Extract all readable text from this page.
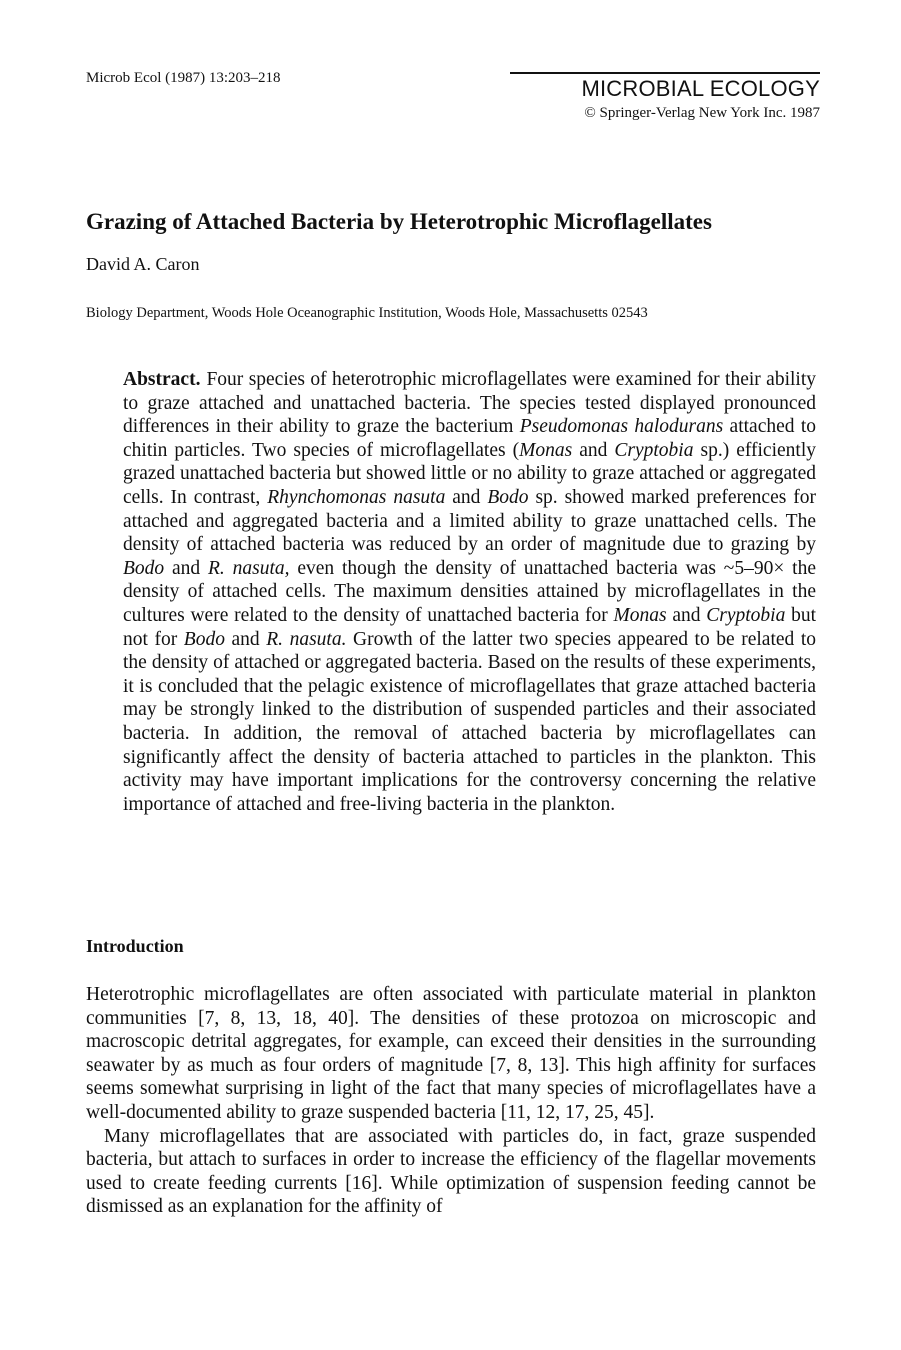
Microb Ecol (1987) 13:203–218	MICROBIAL ECOLOGY
© Springer-Verlag New York Inc. 1987
Grazing of Attached Bacteria by Heterotrophic Microflagellates
David A. Caron
Biology Department, Woods Hole Oceanographic Institution, Woods Hole, Massachusetts 02543
Abstract. Four species of heterotrophic microflagellates were examined for their ability to graze attached and unattached bacteria. The species tested displayed pronounced differences in their ability to graze the bacterium Pseudomonas halodurans attached to chitin particles. Two species of microflagellates (Monas and Cryptobia sp.) efficiently grazed unattached bacteria but showed little or no ability to graze attached or aggregated cells. In contrast, Rhynchomonas nasuta and Bodo sp. showed marked preferences for attached and aggregated bacteria and a limited ability to graze unattached cells. The density of attached bacteria was reduced by an order of magnitude due to grazing by Bodo and R. nasuta, even though the density of unattached bacteria was ~5–90× the density of attached cells. The maximum densities attained by microflagellates in the cultures were related to the density of unattached bacteria for Monas and Cryptobia but not for Bodo and R. nasuta. Growth of the latter two species appeared to be related to the density of attached or aggregated bacteria. Based on the results of these experiments, it is concluded that the pelagic existence of microflagellates that graze attached bacteria may be strongly linked to the distribution of suspended particles and their associated bacteria. In addition, the removal of attached bacteria by microflagellates can significantly affect the density of bacteria attached to particles in the plankton. This activity may have important implications for the controversy concerning the relative importance of attached and free-living bacteria in the plankton.
Introduction

Heterotrophic microflagellates are often associated with particulate material in plankton communities [7, 8, 13, 18, 40]. The densities of these protozoa on microscopic and macroscopic detrital aggregates, for example, can exceed their densities in the surrounding seawater by as much as four orders of magnitude [7, 8, 13]. This high affinity for surfaces seems somewhat surprising in light of the fact that many species of microflagellates have a well-documented ability to graze suspended bacteria [11, 12, 17, 25, 45].

Many microflagellates that are associated with particles do, in fact, graze suspended bacteria, but attach to surfaces in order to increase the efficiency of the flagellar movements used to create feeding currents [16]. While optimization of suspension feeding cannot be dismissed as an explanation for the affinity of
